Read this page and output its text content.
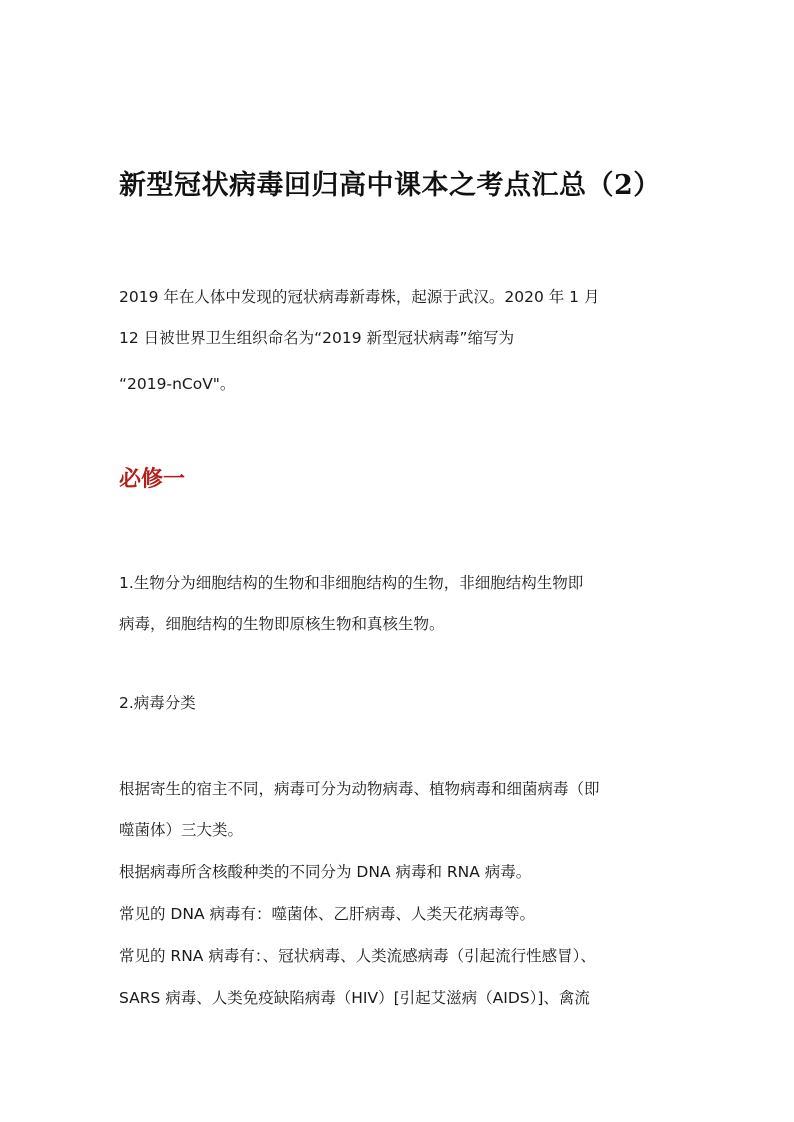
新型冠状病毒回归高中课本之考点汇总（2）
2019 年在人体中发现的冠状病毒新毒株，起源于武汉。2020 年 1 月
12 日被世界卫生组织命名为“2019 新型冠状病毒”缩写为
“2019-nCoV"。
必修一
1.生物分为细胞结构的生物和非细胞结构的生物，非细胞结构生物即
病毒，细胞结构的生物即原核生物和真核生物。
2.病毒分类
根据寄生的宿主不同，病毒可分为动物病毒、植物病毒和细菌病毒（即
噬菌体）三大类。
根据病毒所含核酸种类的不同分为 DNA 病毒和 RNA 病毒。
常见的 DNA 病毒有：噬菌体、乙肝病毒、人类天花病毒等。
常见的 RNA 病毒有：、冠状病毒、人类流感病毒（引起流行性感冒）、
SARS 病毒、人类免疫缺陷病毒（HIV）[引起艾滋病（AIDS）]、禽流
